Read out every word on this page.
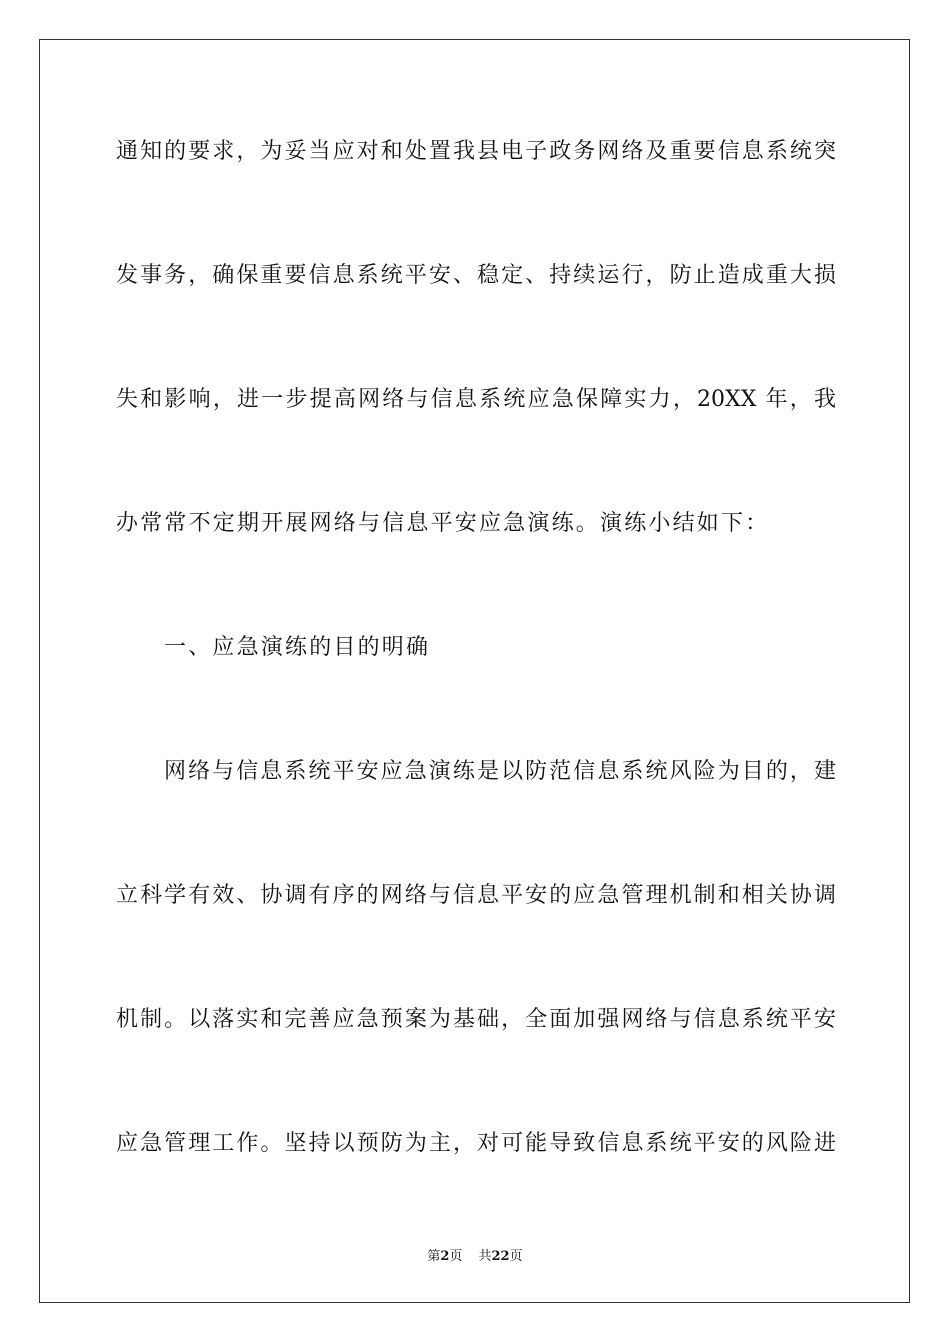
通知的要求，为妥当应对和处置我县电子政务网络及重要信息系统突
发事务，确保重要信息系统平安、稳定、持续运行，防止造成重大损
失和影响，进一步提高网络与信息系统应急保障实力，20XX 年，我
办常常不定期开展网络与信息平安应急演练。演练小结如下：
一、应急演练的目的明确
网络与信息系统平安应急演练是以防范信息系统风险为目的，建
立科学有效、协调有序的网络与信息平安的应急管理机制和相关协调
机制。以落实和完善应急预案为基础，全面加强网络与信息系统平安
应急管理工作。坚持以预防为主，对可能导致信息系统平安的风险进
第2页 共22页
